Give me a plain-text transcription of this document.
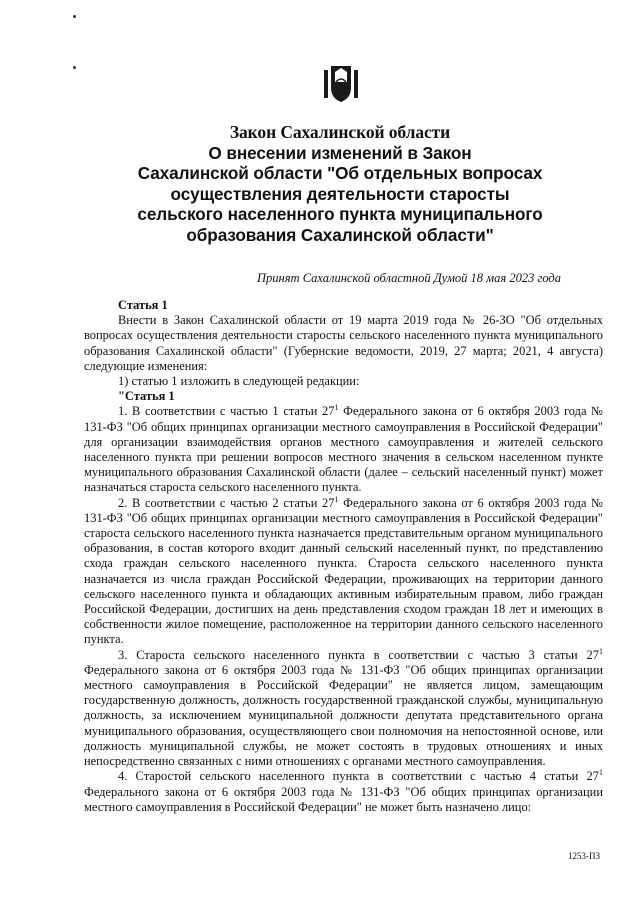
Закон Сахалинской области
О внесении изменений в Закон
Сахалинской области "Об отдельных вопросах
осуществления деятельности старосты
сельского населенного пункта муниципального
образования Сахалинской области"
Принят Сахалинской областной Думой 18 мая 2023 года

Статья 1

Внести в Закон Сахалинской области от 19 марта 2019 года № 26-ЗО "Об отдельных вопросах осуществления деятельности старосты сельского населенного пункта муниципального образования Сахалинской области" (Губернские ведомости, 2019, 27 марта; 2021, 4 августа) следующие изменения:

1) статью 1 изложить в следующей редакции:

"Статья 1

1. В соответствии с частью 1 статьи $27^1$ Федерального закона от 6 октября 2003 года № 131-ФЗ "Об общих принципах организации местного самоуправления в Российской Федерации" для организации взаимодействия органов местного самоуправления и жителей сельского населенного пункта при решении вопросов местного значения в сельском населенном пункте муниципального образования Сахалинской области (далее – сельский населенный пункт) может назначаться староста сельского населенного пункта.

2. В соответствии с частью 2 статьи $27^1$ Федерального закона от 6 октября 2003 года № 131-ФЗ "Об общих принципах организации местного самоуправления в Российской Федерации" староста сельского населенного пункта назначается представительным органом муниципального образования, в состав которого входит данный сельский населенный пункт, по представлению схода граждан сельского населенного пункта. Староста сельского населенного пункта назначается из числа граждан Российской Федерации, проживающих на территории данного сельского населенного пункта и обладающих активным избирательным правом, либо граждан Российской Федерации, достигших на день представления сходом граждан 18 лет и имеющих в собственности жилое помещение, расположенное на территории данного сельского населенного пункта.

3. Староста сельского населенного пункта в соответствии с частью 3 статьи $27^1$ Федерального закона от 6 октября 2003 года № 131-ФЗ "Об общих принципах организации местного самоуправления в Российской Федерации" не является лицом, замещающим государственную должность, должность государственной гражданской службы, муниципальную должность, за исключением муниципальной должности депутата представительного органа муниципального образования, осуществляющего свои полномочия на непостоянной основе, или должность муниципальной службы, не может состоять в трудовых отношениях и иных непосредственно связанных с ними отношениях с органами местного самоуправления.

4. Старостой сельского населенного пункта в соответствии с частью 4 статьи $27^1$ Федерального закона от 6 октября 2003 года № 131-ФЗ "Об общих принципах организации местного самоуправления в Российской Федерации" не может быть назначено лицо:

1253-ПЗ
